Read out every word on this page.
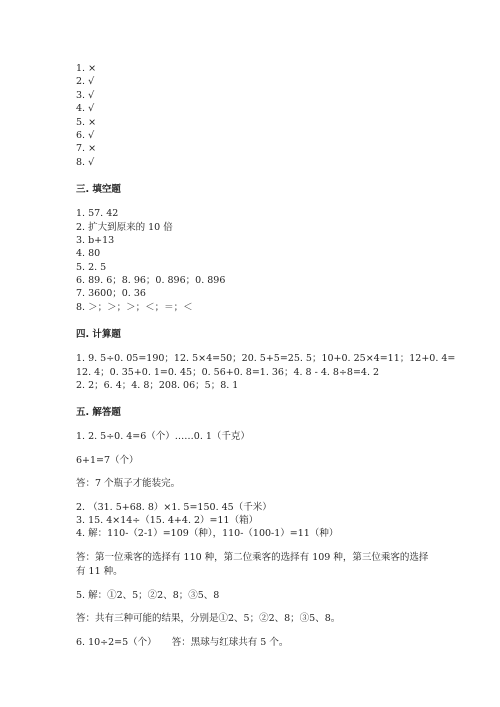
1. ×
2. √
3. √
4. √
5. ×
6. √
7. ×
8. √
三. 填空题
1. 57. 42
2. 扩大到原来的 10 倍
3. b+13
4. 80
5. 2. 5
6. 89. 6；8. 96；0. 896；0. 896
7. 3600；0. 36
8. ＞；＞；＞；＜；＝；＜
四. 计算题
1. 9. 5÷0. 05=190；12. 5×4=50；20. 5+5=25. 5；10+0. 25×4=11；12+0. 4=
12. 4；0. 35+0. 1=0. 45；0. 56+0. 8=1. 36；4. 8 - 4. 8÷8=4. 2
2. 2；6. 4；4. 8；208. 06；5；8. 1
五. 解答题
1. 2. 5÷0. 4=6（个）……0. 1（千克）
6+1=7（个）
答：7 个瓶子才能装完。
2. （31. 5+68. 8）×1. 5=150. 45（千米）
3. 15. 4×14÷（15. 4+4. 2）=11（箱）
4. 解：110-（2-1）=109（种），110-（100-1）=11（种）
答：第一位乘客的选择有 110 种，第二位乘客的选择有 109 种，第三位乘客的选择有 11 种。
5. 解：①2、5；②2、8；③5、8
答：共有三种可能的结果，分别是①2、5；②2、8；③5、8。
6. 10÷2=5（个）     答：黑球与红球共有 5 个。
